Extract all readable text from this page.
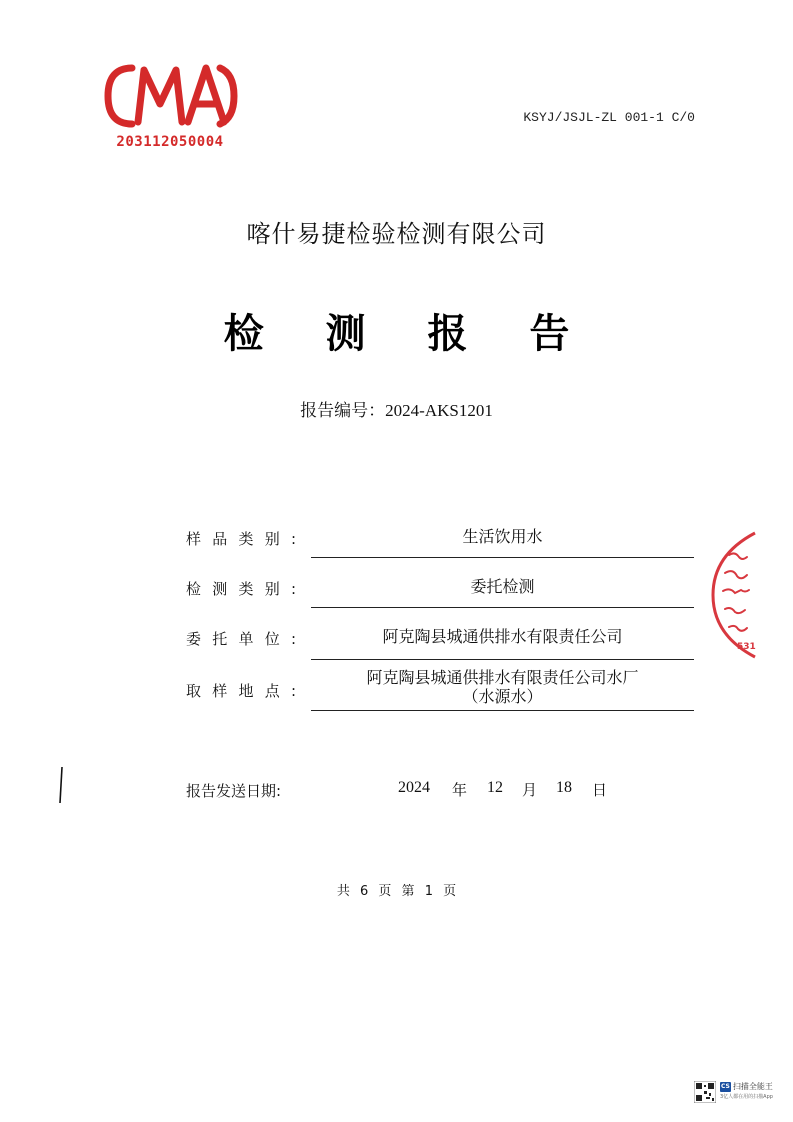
203112050004
KSYJ/JSJL-ZL 001-1 C/0
喀什易捷检验检测有限公司
检 测 报 告
报告编号：2024-AKS1201
样品类别:	生活饮用水
检测类别:	委托检测
委托单位:	阿克陶县城通供排水有限责任公司
取样地点:
阿克陶县城通供排水有限责任公司水厂
（水源水）
报告发送日期:	2024 年 12 月 18 日
共 6 页 第 1 页
531
CS 扫描全能王
3亿人都在用的扫描App
